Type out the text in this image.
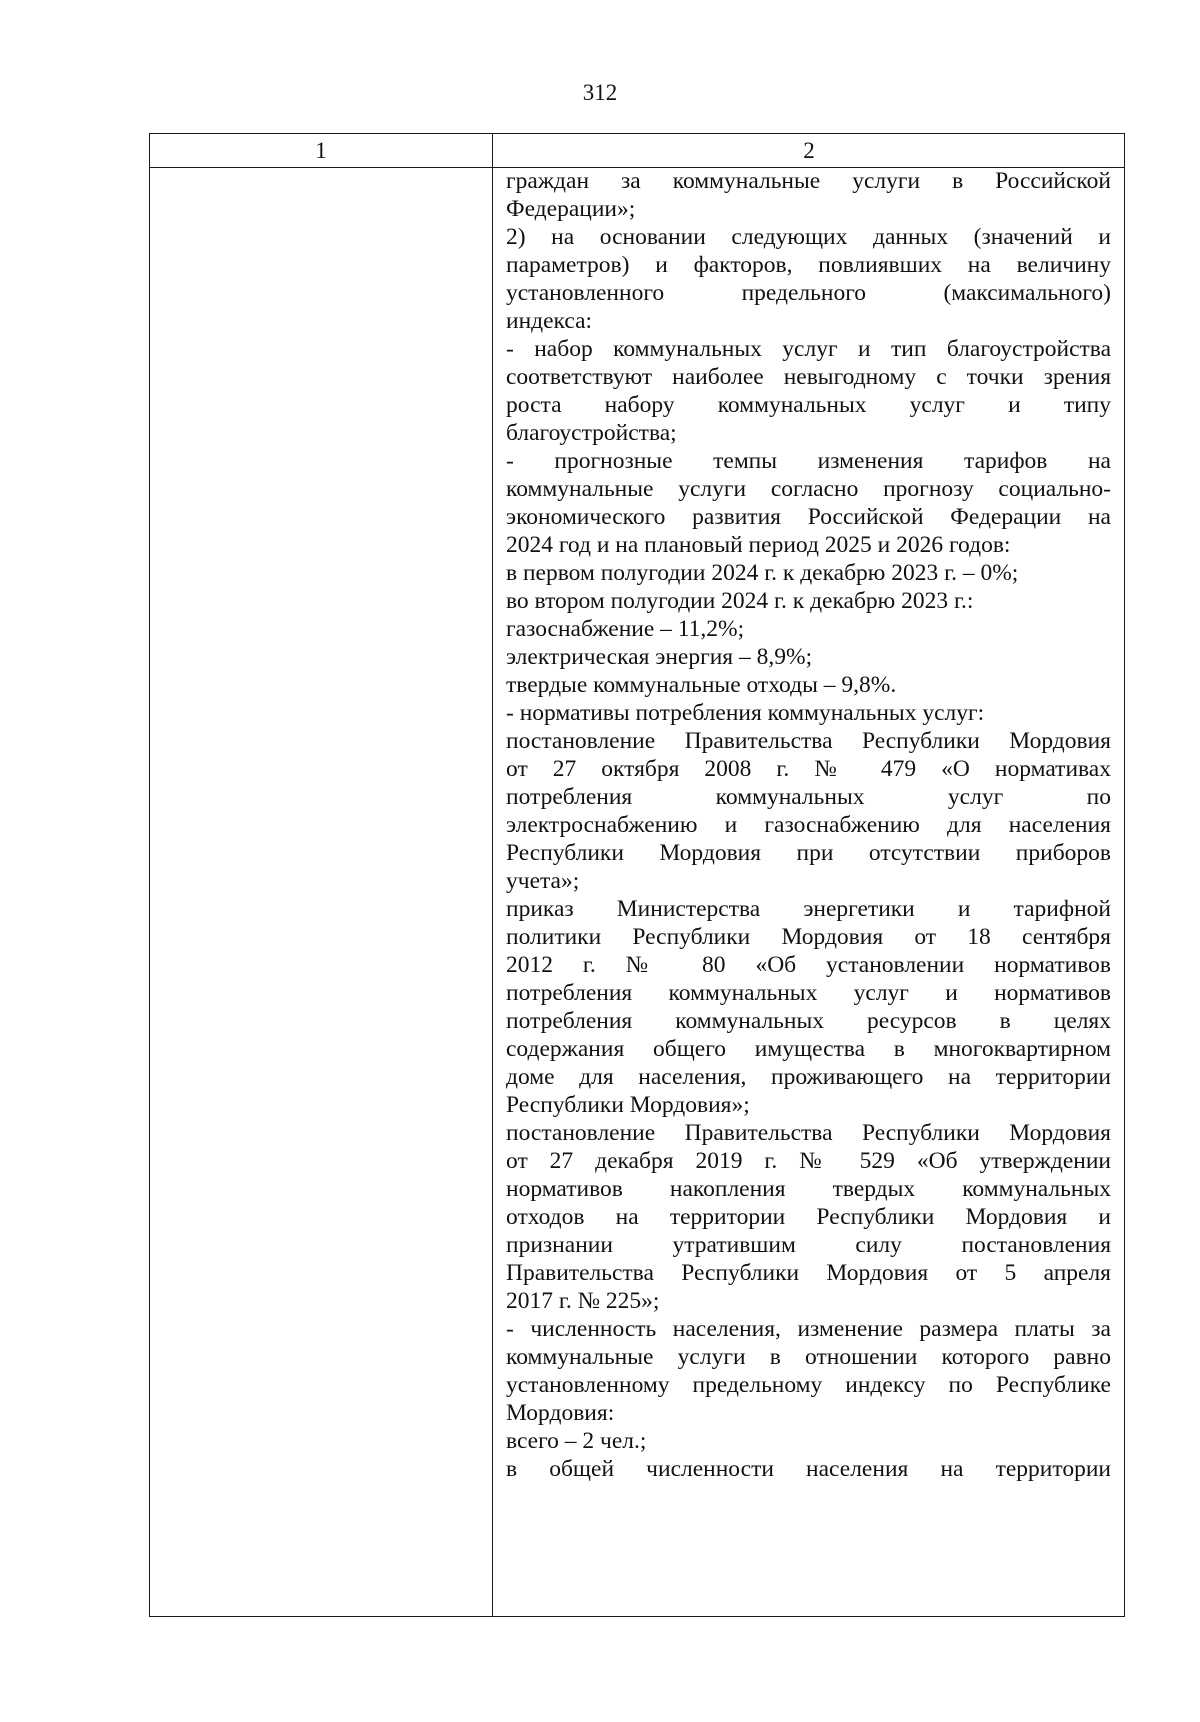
312
1	2
граждан за коммунальные услуги в Российской
Федерации»;
2) на основании следующих данных (значений и
параметров) и факторов, повлиявших на величину
установленного предельного (максимального)
индекса:
- набор коммунальных услуг и тип благоустройства
соответствуют наиболее невыгодному с точки зрения
роста набору коммунальных услуг и типу
благоустройства;
- прогнозные темпы изменения тарифов на
коммунальные услуги согласно прогнозу социально-
экономического развития Российской Федерации на
2024 год и на плановый период 2025 и 2026 годов:
в первом полугодии 2024 г. к декабрю 2023 г. – 0%;
во втором полугодии 2024 г. к декабрю 2023 г.:
газоснабжение – 11,2%;
электрическая энергия – 8,9%;
твердые коммунальные отходы – 9,8%.
- нормативы потребления коммунальных услуг:
постановление Правительства Республики Мордовия
от 27 октября 2008 г. № 479 «О нормативах
потребления коммунальных услуг по
электроснабжению и газоснабжению для населения
Республики Мордовия при отсутствии приборов
учета»;
приказ Министерства энергетики и тарифной
политики Республики Мордовия от 18 сентября
2012 г. № 80 «Об установлении нормативов
потребления коммунальных услуг и нормативов
потребления коммунальных ресурсов в целях
содержания общего имущества в многоквартирном
доме для населения, проживающего на территории
Республики Мордовия»;
постановление Правительства Республики Мордовия
от 27 декабря 2019 г. № 529 «Об утверждении
нормативов накопления твердых коммунальных
отходов на территории Республики Мордовия и
признании утратившим силу постановления
Правительства Республики Мордовия от 5 апреля
2017 г. № 225»;
- численность населения, изменение размера платы за
коммунальные услуги в отношении которого равно
установленному предельному индексу по Республике
Мордовия:
всего – 2 чел.;
в общей численности населения на территории
